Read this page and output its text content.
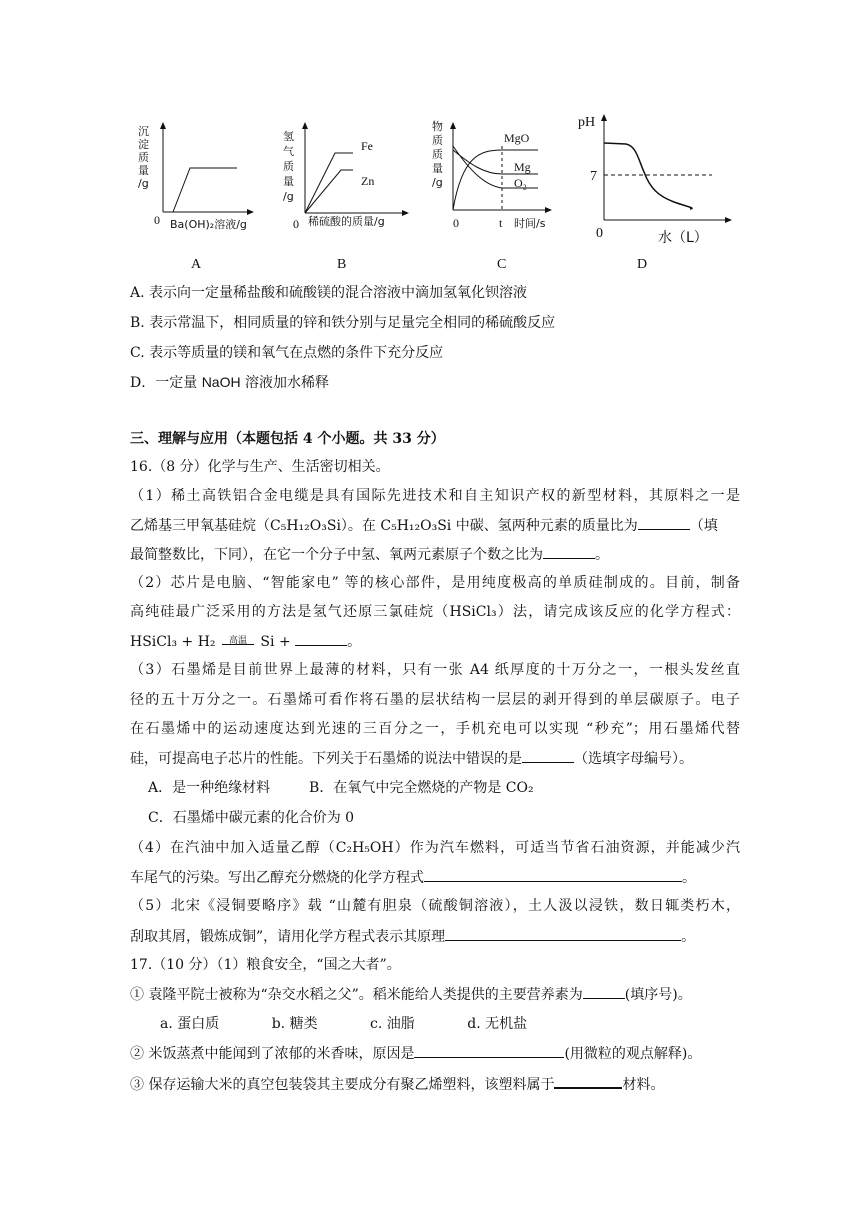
沉
淀
质
量
/g
0 Ba(OH)₂溶液/g
氢
气
质
量
/g
Fe
Zn
0 稀硫酸的质量/g
物
质
质
量
/g
MgO
Mg
O₂
0	t 时间/s
pH
7
0	水（L）
A	B	C	D
A. 表示向一定量稀盐酸和硫酸镁的混合溶液中滴加氢氧化钡溶液
B. 表示常温下，相同质量的锌和铁分别与足量完全相同的稀硫酸反应
C. 表示等质量的镁和氧气在点燃的条件下充分反应
D．一定量 NaOH 溶液加水稀释
三、理解与应用（本题包括 4 个小题。共 33 分）
16.（8 分）化学与生产、生活密切相关。
（1）稀土高铁铝合金电缆是具有国际先进技术和自主知识产权的新型材料，其原料之一是
乙烯基三甲氧基硅烷（C₅H₁₂O₃Si）。在 C₅H₁₂O₃Si 中碳、氢两种元素的质量比为	（填
最简整数比，下同），在它一个分子中氢、氧两元素原子个数之比为	。
（2）芯片是电脑、“智能家电” 等的核心部件，是用纯度极高的单质硅制成的。目前，制备
高纯硅最广泛采用的方法是氢气还原三氯硅烷（HSiCl₃）法，请完成该反应的化学方程式：
HSiCl₃ + H₂ 高温 Si +	。
（3）石墨烯是目前世界上最薄的材料，只有一张 A4 纸厚度的十万分之一，一根头发丝直
径的五十万分之一。石墨烯可看作将石墨的层状结构一层层的剥开得到的单层碳原子。电子
在石墨烯中的运动速度达到光速的三百分之一，手机充电可以实现 “秒充”；用石墨烯代替
硅，可提高电子芯片的性能。下列关于石墨烯的说法中错误的是	（选填字母编号）。
A．是一种绝缘材料	B．在氧气中完全燃烧的产物是 CO₂
C．石墨烯中碳元素的化合价为 0
（4）在汽油中加入适量乙醇（C₂H₅OH）作为汽车燃料，可适当节省石油资源，并能减少汽
车尾气的污染。写出乙醇充分燃烧的化学方程式	。
（5）北宋《浸铜要略序》载 “山麓有胆泉（硫酸铜溶液），土人汲以浸铁，数日辄类朽木，
刮取其屑，锻炼成铜”，请用化学方程式表示其原理	。
17.（10 分）（1）粮食安全，“国之大者”。
① 袁隆平院士被称为“杂交水稻之父”。稻米能给人类提供的主要营养素为	(填序号)。
a. 蛋白质	b. 糖类	c. 油脂	d. 无机盐
② 米饭蒸煮中能闻到了浓郁的米香味，原因是	(用微粒的观点解释)。
③ 保存运输大米的真空包装袋其主要成分有聚乙烯塑料，该塑料属于	材料。
